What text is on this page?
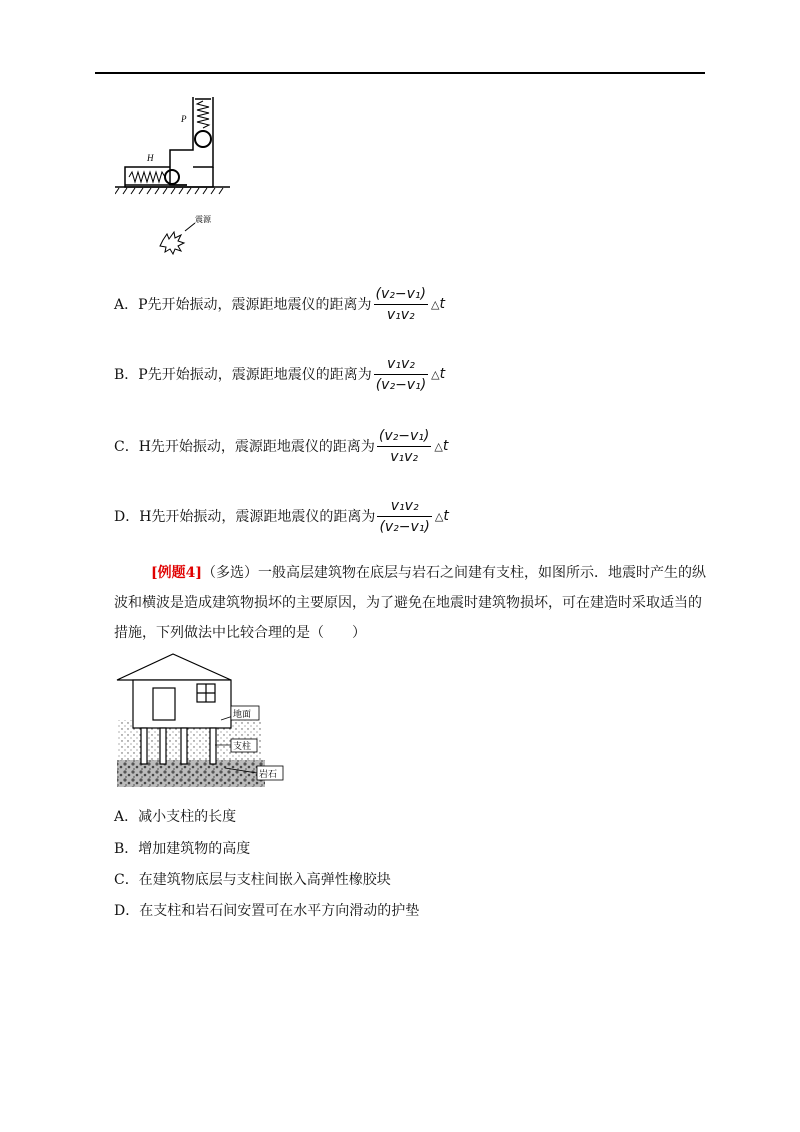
P
H
震源
A．P先开始振动，震源距地震仪的距离为 $\frac{\text{(v₂−v₁)}}{\text{v₁v₂}}$ △t
B．P先开始振动，震源距地震仪的距离为 $\frac{\text{v₁v₂}}{\text{(v₂−v₁)}}$ △t
C．H先开始振动，震源距地震仪的距离为 $\frac{\text{(v₂−v₁)}}{\text{v₁v₂}}$ △t
D．H先开始振动，震源距地震仪的距离为 $\frac{\text{v₁v₂}}{\text{(v₂−v₁)}}$ △t
[例题4]（多选）一般高层建筑物在底层与岩石之间建有支柱，如图所示．地震时产生的纵波和横波是造成建筑物损坏的主要原因，为了避免在地震时建筑物损坏，可在建造时采取适当的措施，下列做法中比较合理的是（　　）
地面
支柱
岩石
A．减小支柱的长度
B．增加建筑物的高度
C．在建筑物底层与支柱间嵌入高弹性橡胶块
D．在支柱和岩石间安置可在水平方向滑动的护垫
